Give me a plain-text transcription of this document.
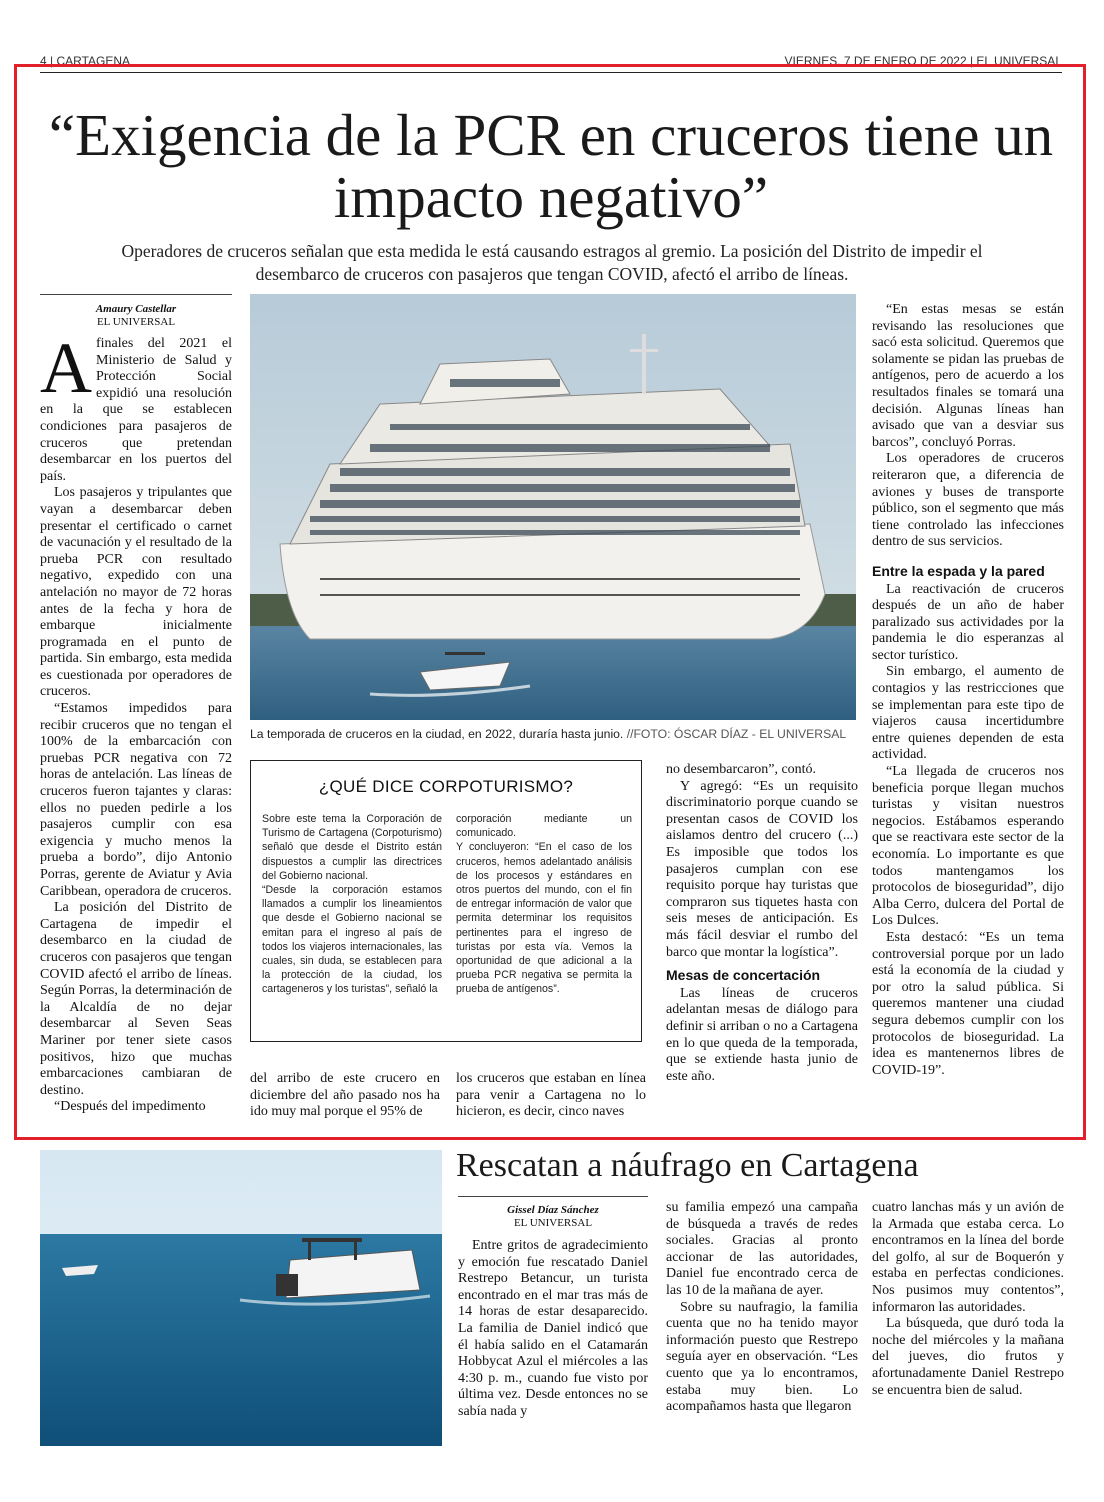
4 | CARTAGENA	VIERNES, 7 DE ENERO DE 2022 | EL UNIVERSAL
“Exigencia de la PCR en cruceros tiene un impacto negativo”
Operadores de cruceros señalan que esta medida le está causando estragos al gremio. La posición del Distrito de impedir el desembarco de cruceros con pasajeros que tengan COVID, afectó el arribo de líneas.
Amaury Castellar
EL UNIVERSAL

Afinales del 2021 el Ministerio de Salud y Protección Social expidió una resolución en la que se establecen condiciones para pasajeros de cruceros que pretendan desembarcar en los puertos del país.

Los pasajeros y tripulantes que vayan a desembarcar deben presentar el certificado o carnet de vacunación y el resultado de la prueba PCR con resultado negativo, expedido con una antelación no mayor de 72 horas antes de la fecha y hora de embarque inicialmente programada en el punto de partida. Sin embargo, esta medida es cuestionada por operadores de cruceros.

“Estamos impedidos para recibir cruceros que no tengan el 100% de la embarcación con pruebas PCR negativa con 72 horas de antelación. Las líneas de cruceros fueron tajantes y claras: ellos no pueden pedirle a los pasajeros cumplir con esa exigencia y mucho menos la prueba a bordo”, dijo Antonio Porras, gerente de Aviatur y Avia Caribbean, operadora de cruceros.

La posición del Distrito de Cartagena de impedir el desembarco en la ciudad de cruceros con pasajeros que tengan COVID afectó el arribo de líneas. Según Porras, la determinación de la Alcaldía de no dejar desembarcar al Seven Seas Mariner por tener siete casos positivos, hizo que muchas embarcaciones cambiaran de destino.

“Después del impedimento

La temporada de cruceros en la ciudad, en 2022, duraría hasta junio. //FOTO: ÓSCAR DÍAZ - EL UNIVERSAL
¿QUÉ DICE CORPOTURISMO?

Sobre este tema la Corporación de Turismo de Cartagena (Corpoturismo) señaló que desde el Distrito están dispuestos a cumplir las directrices del Gobierno nacional.

“Desde la corporación estamos llamados a cumplir los lineamientos que desde el Gobierno nacional se emitan para el ingreso al país de todos los viajeros internacionales, las cuales, sin duda, se establecen para la protección de la ciudad, los cartageneros y los turistas”, señaló la

corporación mediante un comunicado.

Y concluyeron: “En el caso de los cruceros, hemos adelantado análisis de los procesos y estándares en otros puertos del mundo, con el fin de entregar información de valor que permita determinar los requisitos pertinentes para el ingreso de turistas por esta vía. Vemos la oportunidad de que adicional a la prueba PCR negativa se permita la prueba de antígenos”.

del arribo de este crucero en diciembre del año pasado nos ha ido muy mal porque el 95% de

los cruceros que estaban en línea para venir a Cartagena no lo hicieron, es decir, cinco naves

no desembarcaron”, contó.

Y agregó: “Es un requisito discriminatorio porque cuando se presentan casos de COVID los aislamos dentro del crucero (...) Es imposible que todos los pasajeros cumplan con ese requisito porque hay turistas que compraron sus tiquetes hasta con seis meses de anticipación. Es más fácil desviar el rumbo del barco que montar la logística”.

Mesas de concertación

Las líneas de cruceros adelantan mesas de diálogo para definir si arriban o no a Cartagena en lo que queda de la temporada, que se extiende hasta junio de este año.

“En estas mesas se están revisando las resoluciones que sacó esta solicitud. Queremos que solamente se pidan las pruebas de antígenos, pero de acuerdo a los resultados finales se tomará una decisión. Algunas líneas han avisado que van a desviar sus barcos”, concluyó Porras.

Los operadores de cruceros reiteraron que, a diferencia de aviones y buses de transporte público, son el segmento que más tiene controlado las infecciones dentro de sus servicios.

Entre la espada y la pared

La reactivación de cruceros después de un año de haber paralizado sus actividades por la pandemia le dio esperanzas al sector turístico.

Sin embargo, el aumento de contagios y las restricciones que se implementan para este tipo de viajeros causa incertidumbre entre quienes dependen de esta actividad.

“La llegada de cruceros nos beneficia porque llegan muchos turistas y visitan nuestros negocios. Estábamos esperando que se reactivara este sector de la economía. Lo importante es que todos mantengamos los protocolos de bioseguridad”, dijo Alba Cerro, dulcera del Portal de Los Dulces.

Esta destacó: “Es un tema controversial porque por un lado está la economía de la ciudad y por otro la salud pública. Si queremos mantener una ciudad segura debemos cumplir con los protocolos de bioseguridad. La idea es mantenernos libres de COVID-19”.

Rescatan a náufrago en Cartagena
Gissel Díaz Sánchez
EL UNIVERSAL

Entre gritos de agradecimiento y emoción fue rescatado Daniel Restrepo Betancur, un turista encontrado en el mar tras más de 14 horas de estar desaparecido. La familia de Daniel indicó que él había salido en el Catamarán Hobbycat Azul el miércoles a las 4:30 p. m., cuando fue visto por última vez. Desde entonces no se sabía nada y

su familia empezó una campaña de búsqueda a través de redes sociales. Gracias al pronto accionar de las autoridades, Daniel fue encontrado cerca de las 10 de la mañana de ayer.

Sobre su naufragio, la familia cuenta que no ha tenido mayor información puesto que Restrepo seguía ayer en observación. “Les cuento que ya lo encontramos, estaba muy bien. Lo acompañamos hasta que llegaron

cuatro lanchas más y un avión de la Armada que estaba cerca. Lo encontramos en la línea del borde del golfo, al sur de Boquerón y estaba en perfectas condiciones. Nos pusimos muy contentos”, informaron las autoridades.

La búsqueda, que duró toda la noche del miércoles y la mañana del jueves, dio frutos y afortunadamente Daniel Restrepo se encuentra bien de salud.
